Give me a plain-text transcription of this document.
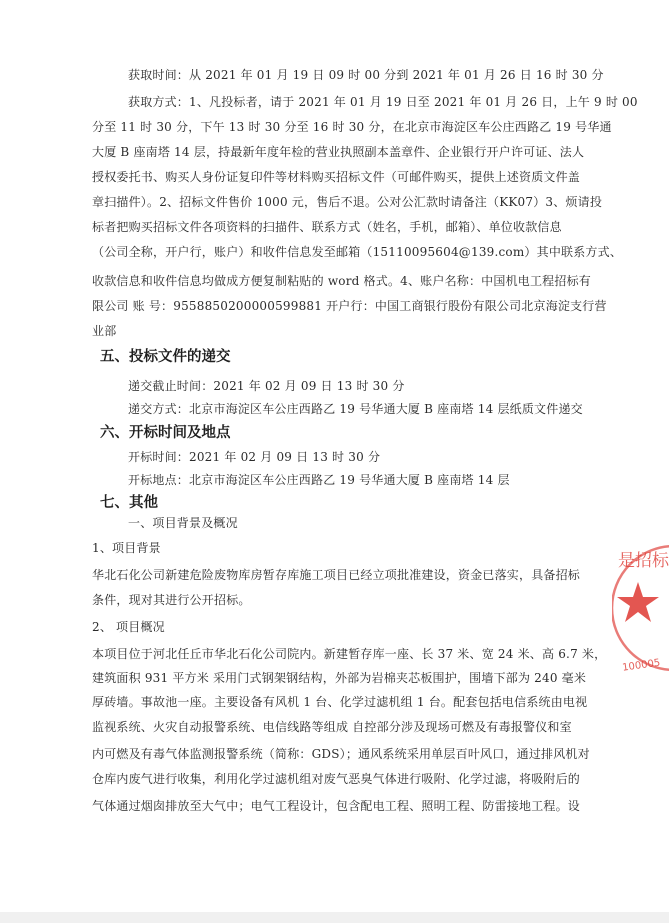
获取时间：从 2021 年 01 月 19 日 09 时 00 分到 2021 年 01 月 26 日 16 时 30 分
获取方式：1、凡投标者，请于 2021 年 01 月 19 日至 2021 年 01 月 26 日，上午 9 时 00
分至 11 时 30 分，下午 13 时 30 分至 16 时 30 分，在北京市海淀区车公庄西路乙 19 号华通
大厦 B 座南塔 14 层，持最新年度年检的营业执照副本盖章件、企业银行开户许可证、法人
授权委托书、购买人身份证复印件等材料购买招标文件（可邮件购买，提供上述资质文件盖
章扫描件）。2、招标文件售价 1000 元，售后不退。公对公汇款时请备注（KK07）3、烦请投
标者把购买招标文件各项资料的扫描件、联系方式（姓名，手机，邮箱）、单位收款信息
（公司全称，开户行，账户）和收件信息发至邮箱（15110095604@139.com）其中联系方式、
收款信息和收件信息均做成方便复制粘贴的 word 格式。4、账户名称：中国机电工程招标有
限公司 账 号：9558850200000599881 开户行：中国工商银行股份有限公司北京海淀支行营
业部
五、投标文件的递交
递交截止时间：2021 年 02 月 09 日 13 时 30 分
递交方式：北京市海淀区车公庄西路乙 19 号华通大厦 B 座南塔 14 层纸质文件递交
六、开标时间及地点
开标时间：2021 年 02 月 09 日 13 时 30 分
开标地点：北京市海淀区车公庄西路乙 19 号华通大厦 B 座南塔 14 层
七、其他
一、项目背景及概况
1、项目背景
华北石化公司新建危险废物库房暂存库施工项目已经立项批准建设，资金已落实，具备招标
条件，现对其进行公开招标。
2、 项目概况
本项目位于河北任丘市华北石化公司院内。新建暂存库一座、长 37 米、宽 24 米、高 6.7 米，
建筑面积 931 平方米 采用门式钢架钢结构，外部为岩棉夹芯板围护，围墙下部为 240 毫米
厚砖墙。事故池一座。主要设备有风机 1 台、化学过滤机组 1 台。配套包括电信系统由电视
监视系统、火灾自动报警系统、电信线路等组成 自控部分涉及现场可燃及有毒报警仪和室
内可燃及有毒气体监测报警系统（简称：GDS）；通风系统采用单层百叶风口，通过排风机对
仓库内废气进行收集，利用化学过滤机组对废气恶臭气体进行吸附、化学过滤，将吸附后的
气体通过烟囱排放至大气中；电气工程设计，包含配电工程、照明工程、防雷接地工程。设
是招标
100005
